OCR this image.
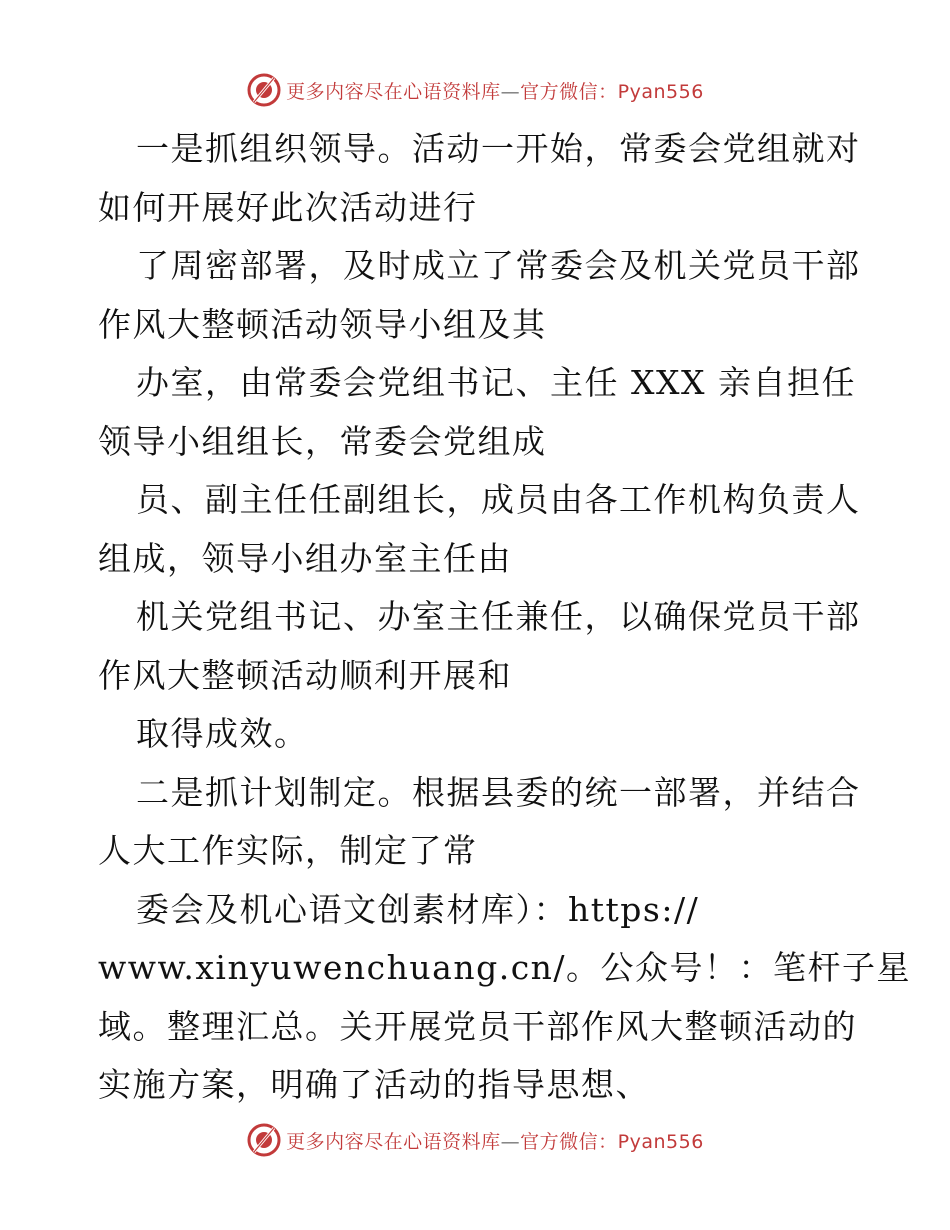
更多内容尽在心语资料库—官方微信：Pyan556
一是抓组织领导。活动一开始，常委会党组就对
如何开展好此次活动进行
了周密部署，及时成立了常委会及机关党员干部
作风大整顿活动领导小组及其
办室，由常委会党组书记、主任 XXX 亲自担任
领导小组组长，常委会党组成
员、副主任任副组长，成员由各工作机构负责人
组成，领导小组办室主任由
机关党组书记、办室主任兼任，以确保党员干部
作风大整顿活动顺利开展和
取得成效。
二是抓计划制定。根据县委的统一部署，并结合
人大工作实际，制定了常
委会及机心语文创素材库）：https://
www.xinyuwenchuang.cn/。公众号！：笔杆子星
域。整理汇总。关开展党员干部作风大整顿活动的
实施方案，明确了活动的指导思想、
更多内容尽在心语资料库—官方微信：Pyan556
